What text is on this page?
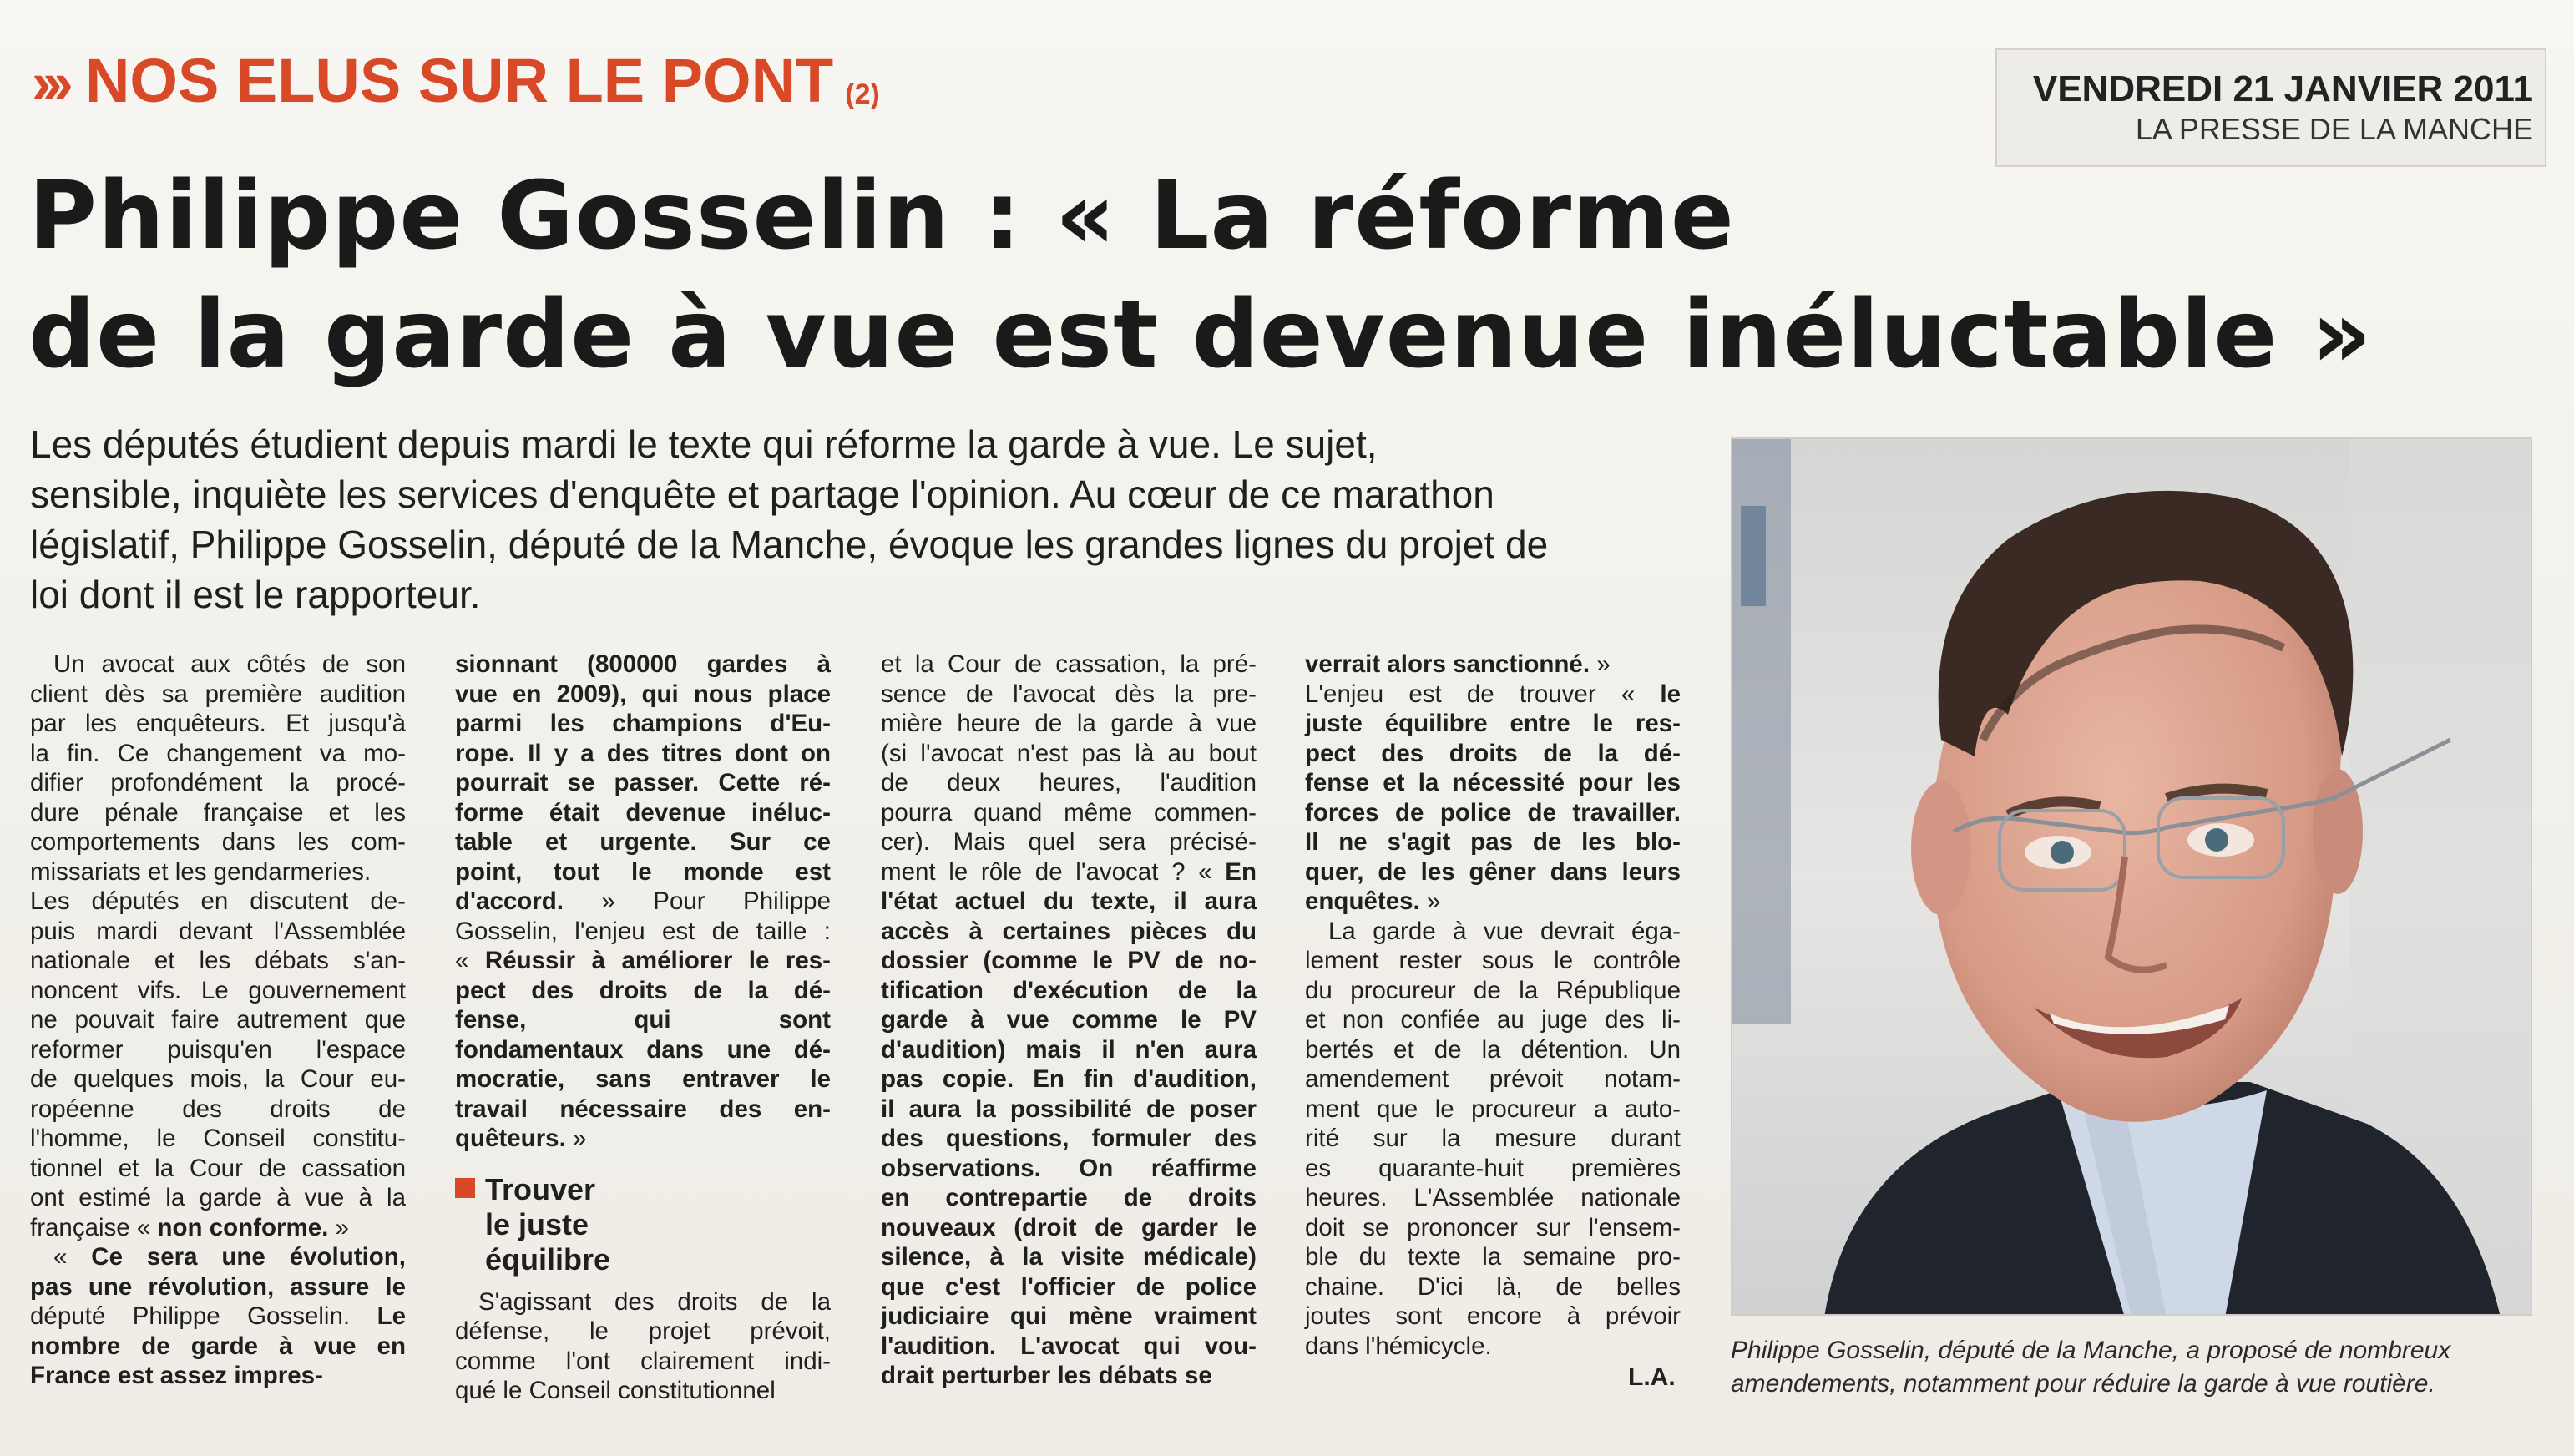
››› NOS ELUS SUR LE PONT (2)	VENDREDI 21 JANVIER 2011
LA PRESSE DE LA MANCHE
Philippe Gosselin : « La réforme
de la garde à vue est devenue inéluctable »
Les députés étudient depuis mardi le texte qui réforme la garde à vue. Le sujet,
sensible, inquiète les services d'enquête et partage l'opinion. Au cœur de ce marathon
législatif, Philippe Gosselin, député de la Manche, évoque les grandes lignes du projet de
loi dont il est le rapporteur.
Un avocat aux côtés de son
client dès sa première audition
par les enquêteurs. Et jusqu'à
la fin. Ce changement va mo-
difier profondément la procé-
dure pénale française et les
comportements dans les com-
missariats et les gendarmeries.
Les députés en discutent de-
puis mardi devant l'Assemblée
nationale et les débats s'an-
noncent vifs. Le gouvernement
ne pouvait faire autrement que
reformer puisqu'en l'espace
de quelques mois, la Cour eu-
ropéenne des droits de
l'homme, le Conseil constitu-
tionnel et la Cour de cassation
ont estimé la garde à vue à la
française « non conforme. »
« Ce sera une évolution,
pas une révolution, assure le
député Philippe Gosselin. Le
nombre de garde à vue en
France est assez impres-
sionnant (800000 gardes à
vue en 2009), qui nous place
parmi les champions d'Eu-
rope. Il y a des titres dont on
pourrait se passer. Cette ré-
forme était devenue inéluc-
table et urgente. Sur ce
point, tout le monde est
d'accord. » Pour Philippe
Gosselin, l'enjeu est de taille :
« Réussir à améliorer le res-
pect des droits de la dé-
fense, qui sont
fondamentaux dans une dé-
mocratie, sans entraver le
travail nécessaire des en-
quêteurs. »
Trouver
le juste
équilibre
S'agissant des droits de la
défense, le projet prévoit,
comme l'ont clairement indi-
qué le Conseil constitutionnel
et la Cour de cassation, la pré-
sence de l'avocat dès la pre-
mière heure de la garde à vue
(si l'avocat n'est pas là au bout
de deux heures, l'audition
pourra quand même commen-
cer). Mais quel sera précisé-
ment le rôle de l'avocat ? « En
l'état actuel du texte, il aura
accès à certaines pièces du
dossier (comme le PV de no-
tification d'exécution de la
garde à vue comme le PV
d'audition) mais il n'en aura
pas copie. En fin d'audition,
il aura la possibilité de poser
des questions, formuler des
observations. On réaffirme
en contrepartie de droits
nouveaux (droit de garder le
silence, à la visite médicale)
que c'est l'officier de police
judiciaire qui mène vraiment
l'audition. L'avocat qui vou-
drait perturber les débats se
verrait alors sanctionné. »
L'enjeu est de trouver « le
juste équilibre entre le res-
pect des droits de la dé-
fense et la nécessité pour les
forces de police de travailler.
Il ne s'agit pas de les blo-
quer, de les gêner dans leurs
enquêtes. »
La garde à vue devrait éga-
lement rester sous le contrôle
du procureur de la République
et non confiée au juge des li-
bertés et de la détention. Un
amendement prévoit notam-
ment que le procureur a auto-
rité sur la mesure durant
es quarante-huit premières
heures. L'Assemblée nationale
doit se prononcer sur l'ensem-
ble du texte la semaine pro-
chaine. D'ici là, de belles
joutes sont encore à prévoir
dans l'hémicycle.
L.A.
Philippe Gosselin, député de la Manche, a proposé de nombreux
amendements, notamment pour réduire la garde à vue routière.
